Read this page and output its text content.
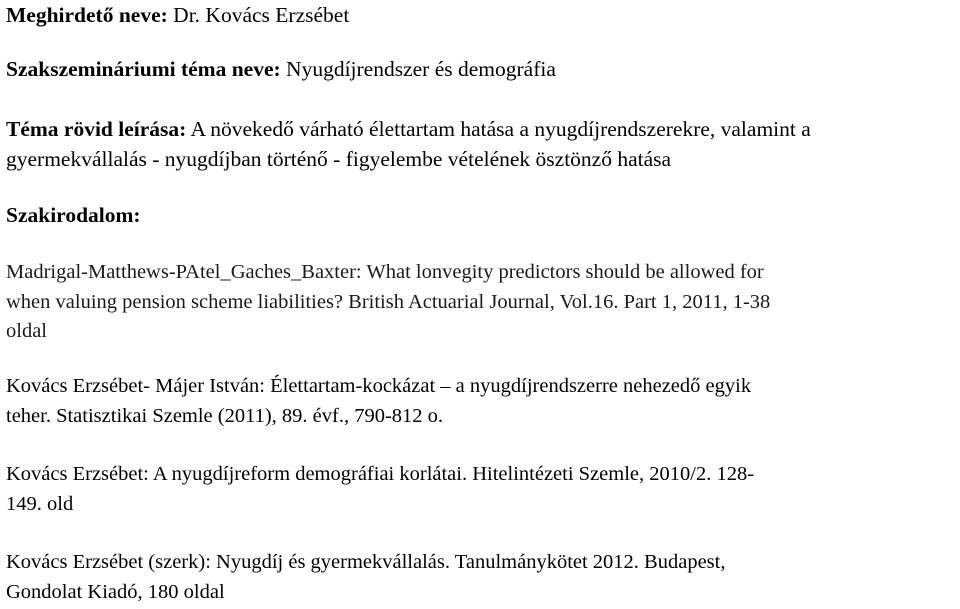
Meghirdető neve: Dr. Kovács Erzsébet
Szakszemináriumi téma neve: Nyugdíjrendszer és demográfia
Téma rövid leírása: A növekedő várható élettartam hatása a nyugdíjrendszerekre, valamint a
gyermekvállalás - nyugdíjban történő - figyelembe vételének ösztönző hatása
Szakirodalom:
Madrigal-Matthews-PAtel_Gaches_Baxter: What lonvegity predictors should be allowed for
when valuing pension scheme liabilities? British Actuarial Journal, Vol.16. Part 1, 2011, 1-38
oldal
Kovács Erzsébet- Májer István: Élettartam-kockázat – a nyugdíjrendszerre nehezedő egyik
teher. Statisztikai Szemle (2011), 89. évf., 790-812 o.
Kovács Erzsébet: A nyugdíjreform demográfiai korlátai. Hitelintézeti Szemle, 2010/2. 128-
149. old
Kovács Erzsébet (szerk): Nyugdíj és gyermekvállalás. Tanulmánykötet 2012. Budapest,
Gondolat Kiadó, 180 oldal
